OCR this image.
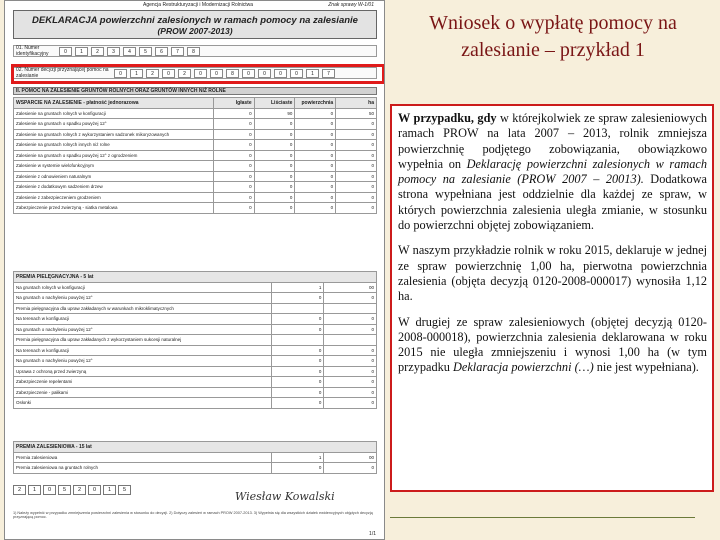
Agencja Restrukturyzacji i Modernizacji Rolnictwa	Znak sprawy W-1/01
DEKLARACJA powierzchni zalesionych w ramach pomocy na zalesianie
(PROW 2007-2013)
01. Numer identyfikacyjny	0	1	2	3	4	5	6	7	8
02. Numer decyzji przyznającej pomoc na zalesianie	0	1	2	0	2	0	0	8	0	0	0	0	1	7
II. POMOC NA ZALESIENIE GRUNTÓW ROLNYCH ORAZ GRUNTÓW INNYCH NIŻ ROLNE
WSPARCIE NA ZALESIENIE - płatność jednorazowa	Igłaste	Liściaste	powierzchnia	ha
Zalesienie na gruntach rolnych w konfiguracji	0	90	0	50
Zalesienie na gruntach o spadku powyżej 12°	0	0	0	0
Zalesienie na gruntach rolnych z wykorzystaniem sadzonek mikoryzowanych	0	0	0	0
Zalesienie na gruntach rolnych innych niż rolne	0	0	0	0
Zalesienie na gruntach o spadku powyżej 12° z ogrodzeniem	0	0	0	0
Zalesienie w systemie wielofunkcyjnym	0	0	0	0
Zalesienie z odnowieniem naturalnym	0	0	0	0
Zalesienie z dodatkowym sadzeniem drzew	0	0	0	0
Zalesienie z zabezpieczeniem grodzeniem	0	0	0	0
Zabezpieczenie przed zwierzyną - siatka metalowa	0	0	0	0
PREMIA PIELĘGNACYJNA - 5 lat		
Na gruntach rolnych w konfiguracji	1	00
Na gruntach o nachyleniu powyżej 12°	0	0
Premia pielęgnacyjna dla upraw zakładanych w warunkach mikroklimatycznych		
Na terenach w konfiguracji	0	0
Na gruntach o nachyleniu powyżej 12°	0	0
Premia pielęgnacyjna dla upraw zakładanych z wykorzystaniem sukcesji naturalnej		
Na terenach w konfiguracji	0	0
Na gruntach o nachyleniu powyżej 12°	0	0
Uprawa z ochroną przed zwierzyną	0	0
Zabezpieczenie repelentami	0	0
Zabezpieczenie - pałikami	0	0
Osłonki	0	0
PREMIA ZALESIENIOWA - 15 lat		
Premia zalesieniowa	1	00
Premia zalesieniowa na gruntach rolnych	0	0
2	1	0	5	2	0	1	5	Wiesław Kowalski
1) Należy wypełnić w przypadku zmniejszenia powierzchni zalesienia w stosunku do decyzji. 2) Dotyczy zalesień w ramach PROW 2007-2013. 3) Wypełnia się dla wszystkich działek ewidencyjnych objętych decyzją przyznającą pomoc.
1/1
Wniosek o wypłatę pomocy na zalesianie – przykład 1

W przypadku, gdy w którejkolwiek ze spraw zalesieniowych ramach PROW na lata 2007 – 2013, rolnik zmniejsza powierzchnię podjętego zobowiązania, obowiązkowo wypełnia on Deklarację powierzchni zalesionych w ramach pomocy na zalesianie (PROW 2007 – 20013). Dodatkowa strona wypełniana jest oddzielnie dla każdej ze spraw, w których powierzchnia zalesienia uległa zmianie, w stosunku do powierzchni objętej zobowiązaniem.

W naszym przykładzie rolnik w roku 2015, deklaruje w jednej ze spraw powierzchnię 1,00 ha, pierwotna powierzchnia zalesienia (objęta decyzją 0120-2008-000017) wynosiła 1,12 ha.

W drugiej ze spraw zalesieniowych (objętej decyzją 0120-2008-000018), powierzchnia zalesienia deklarowana w roku 2015 nie uległa zmniejszeniu i wynosi 1,00 ha (w tym przypadku Deklaracja powierzchni (…) nie jest wypełniana).
